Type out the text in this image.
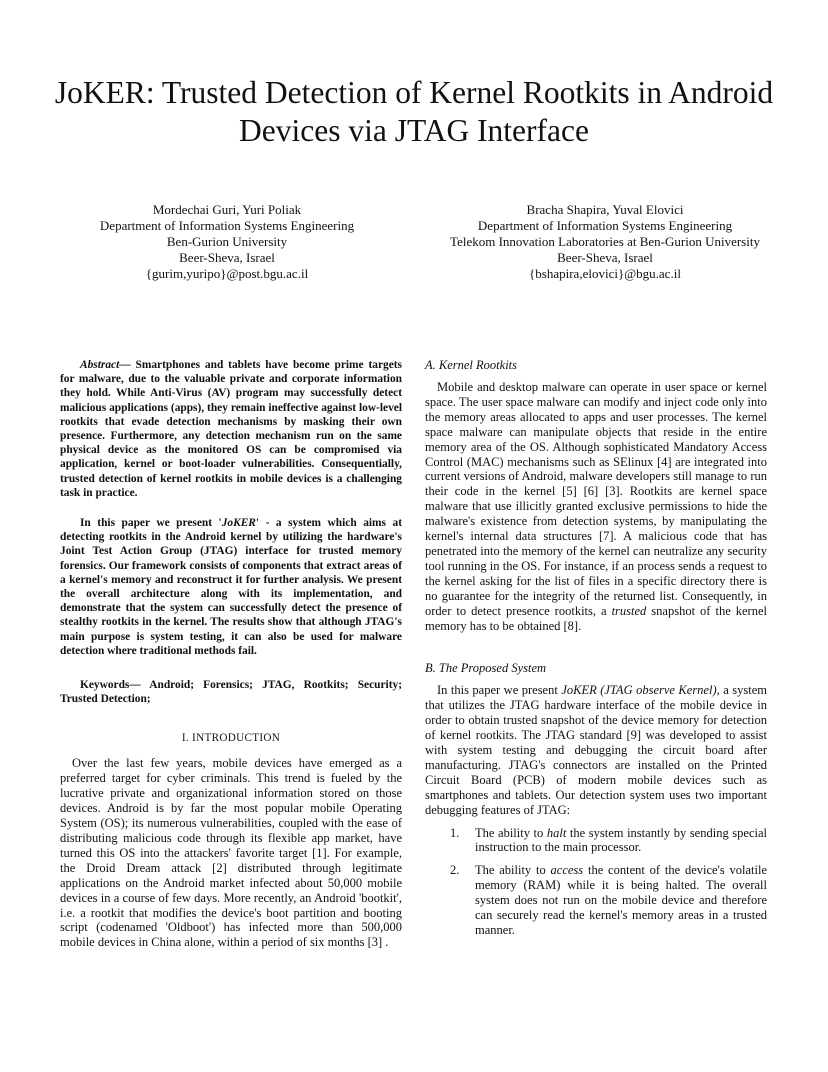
JoKER: Trusted Detection of Kernel Rootkits in Android Devices via JTAG Interface
Mordechai Guri, Yuri Poliak
Department of Information Systems Engineering
Ben-Gurion University
Beer-Sheva, Israel
{gurim,yuripo}@post.bgu.ac.il
Bracha Shapira, Yuval Elovici
Department of Information Systems Engineering
Telekom Innovation Laboratories at Ben-Gurion University
Beer-Sheva, Israel
{bshapira,elovici}@bgu.ac.il

Abstract— Smartphones and tablets have become prime targets for malware, due to the valuable private and corporate information they hold. While Anti-Virus (AV) program may successfully detect malicious applications (apps), they remain ineffective against low-level rootkits that evade detection mechanisms by masking their own presence. Furthermore, any detection mechanism run on the same physical device as the monitored OS can be compromised via application, kernel or boot-loader vulnerabilities. Consequentially, trusted detection of kernel rootkits in mobile devices is a challenging task in practice.

In this paper we present 'JoKER' - a system which aims at detecting rootkits in the Android kernel by utilizing the hardware's Joint Test Action Group (JTAG) interface for trusted memory forensics. Our framework consists of components that extract areas of a kernel's memory and reconstruct it for further analysis. We present the overall architecture along with its implementation, and demonstrate that the system can successfully detect the presence of stealthy rootkits in the kernel. The results show that although JTAG's main purpose is system testing, it can also be used for malware detection where traditional methods fail.

Keywords— Android; Forensics; JTAG, Rootkits; Security; Trusted Detection;

I. INTRODUCTION

Over the last few years, mobile devices have emerged as a preferred target for cyber criminals. This trend is fueled by the lucrative private and organizational information stored on those devices. Android is by far the most popular mobile Operating System (OS); its numerous vulnerabilities, coupled with the ease of distributing malicious code through its flexible app market, have turned this OS into the attackers' favorite target [1]. For example, the Droid Dream attack [2] distributed through legitimate applications on the Android market infected about 50,000 mobile devices in a course of few days. More recently, an Android 'bootkit', i.e. a rootkit that modifies the device's boot partition and booting script (codenamed 'Oldboot') has infected more than 500,000 mobile devices in China alone, within a period of six months [3] .

A. Kernel Rootkits

Mobile and desktop malware can operate in user space or kernel space. The user space malware can modify and inject code only into the memory areas allocated to apps and user processes. The kernel space malware can manipulate objects that reside in the entire memory area of the OS. Although sophisticated Mandatory Access Control (MAC) mechanisms such as SElinux [4] are integrated into current versions of Android, malware developers still manage to run their code in the kernel [5] [6] [3]. Rootkits are kernel space malware that use illicitly granted exclusive permissions to hide the malware's existence from detection systems, by manipulating the kernel's internal data structures [7]. A malicious code that has penetrated into the memory of the kernel can neutralize any security tool running in the OS. For instance, if an process sends a request to the kernel asking for the list of files in a specific directory there is no guarantee for the integrity of the returned list. Consequently, in order to detect presence rootkits, a trusted snapshot of the kernel memory has to be obtained [8].

B. The Proposed System

In this paper we present JoKER (JTAG observe Kernel), a system that utilizes the JTAG hardware interface of the mobile device in order to obtain trusted snapshot of the device memory for detection of kernel rootkits. The JTAG standard [9] was developed to assist with system testing and debugging the circuit board after manufacturing. JTAG's connectors are installed on the Printed Circuit Board (PCB) of modern mobile devices such as smartphones and tablets. Our detection system uses two important debugging features of JTAG:

1. The ability to halt the system instantly by sending special instruction to the main processor.

2. The ability to access the content of the device's volatile memory (RAM) while it is being halted. The overall system does not run on the mobile device and therefore can securely read the kernel's memory areas in a trusted manner.
